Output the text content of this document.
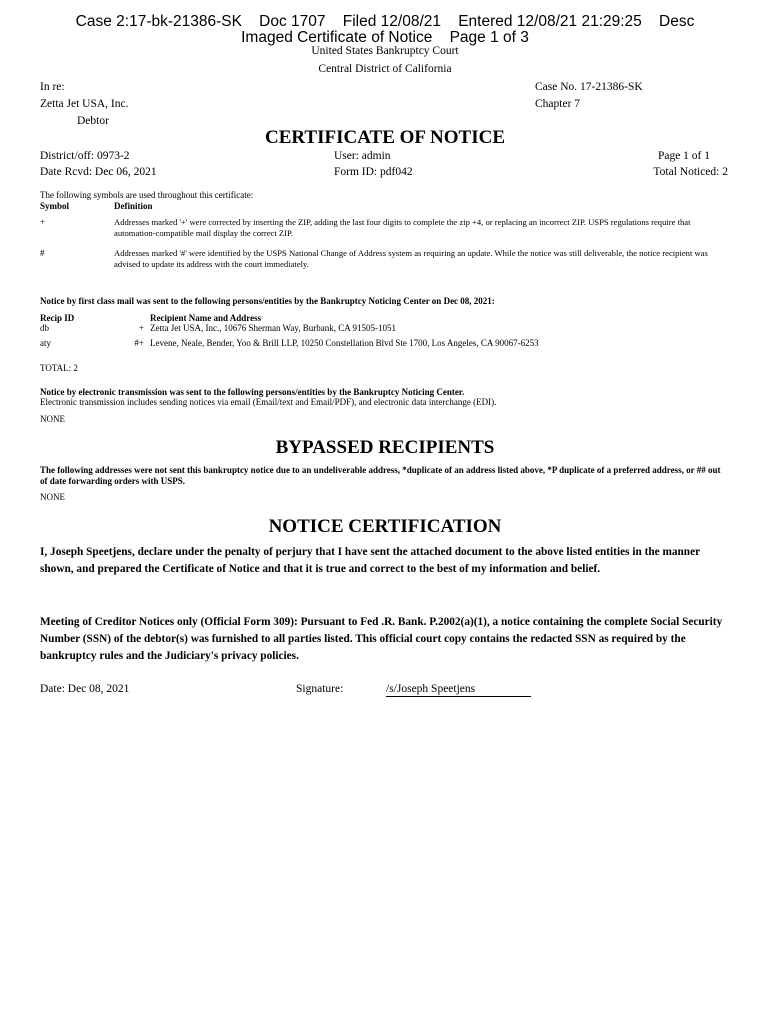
Case 2:17-bk-21386-SK    Doc 1707    Filed 12/08/21    Entered 12/08/21 21:29:25    Desc
Imaged Certificate of Notice    Page 1 of 3
United States Bankruptcy Court
Central District of California
In re:
Zetta Jet USA, Inc.
Debtor
Case No. 17-21386-SK
Chapter 7
CERTIFICATE OF NOTICE
District/off: 0973-2
Date Rcvd: Dec 06, 2021
User: admin
Form ID: pdf042
Page 1 of 1
Total Noticed: 2
The following symbols are used throughout this certificate:
Symbol	Definition
+	Addresses marked '+' were corrected by inserting the ZIP, adding the last four digits to complete the zip +4, or replacing an incorrect ZIP. USPS regulations require that automation-compatible mail display the correct ZIP.
#	Addresses marked '#' were identified by the USPS National Change of Address system as requiring an update. While the notice was still deliverable, the notice recipient was advised to update its address with the court immediately.
Notice by first class mail was sent to the following persons/entities by the Bankruptcy Noticing Center on Dec 08, 2021:
Recip ID	Recipient Name and Address
db	+ Zetta Jet USA, Inc., 10676 Sherman Way, Burbank, CA 91505-1051
aty	#+ Levene, Neale, Bender, Yoo & Brill LLP, 10250 Constellation Blvd Ste 1700, Los Angeles, CA 90067-6253
TOTAL: 2
Notice by electronic transmission was sent to the following persons/entities by the Bankruptcy Noticing Center.
Electronic transmission includes sending notices via email (Email/text and Email/PDF), and electronic data interchange (EDI).
NONE
BYPASSED RECIPIENTS
The following addresses were not sent this bankruptcy notice due to an undeliverable address, *duplicate of an address listed above, *P duplicate of a preferred address, or ## out of date forwarding orders with USPS.
NONE
NOTICE CERTIFICATION
I, Joseph Speetjens, declare under the penalty of perjury that I have sent the attached document to the above listed entities in the manner shown, and prepared the Certificate of Notice and that it is true and correct to the best of my information and belief.
Meeting of Creditor Notices only (Official Form 309): Pursuant to Fed .R. Bank. P.2002(a)(1), a notice containing the complete Social Security Number (SSN) of the debtor(s) was furnished to all parties listed. This official court copy contains the redacted SSN as required by the bankruptcy rules and the Judiciary's privacy policies.
Date: Dec 08, 2021	Signature:	/s/Joseph Speetjens
